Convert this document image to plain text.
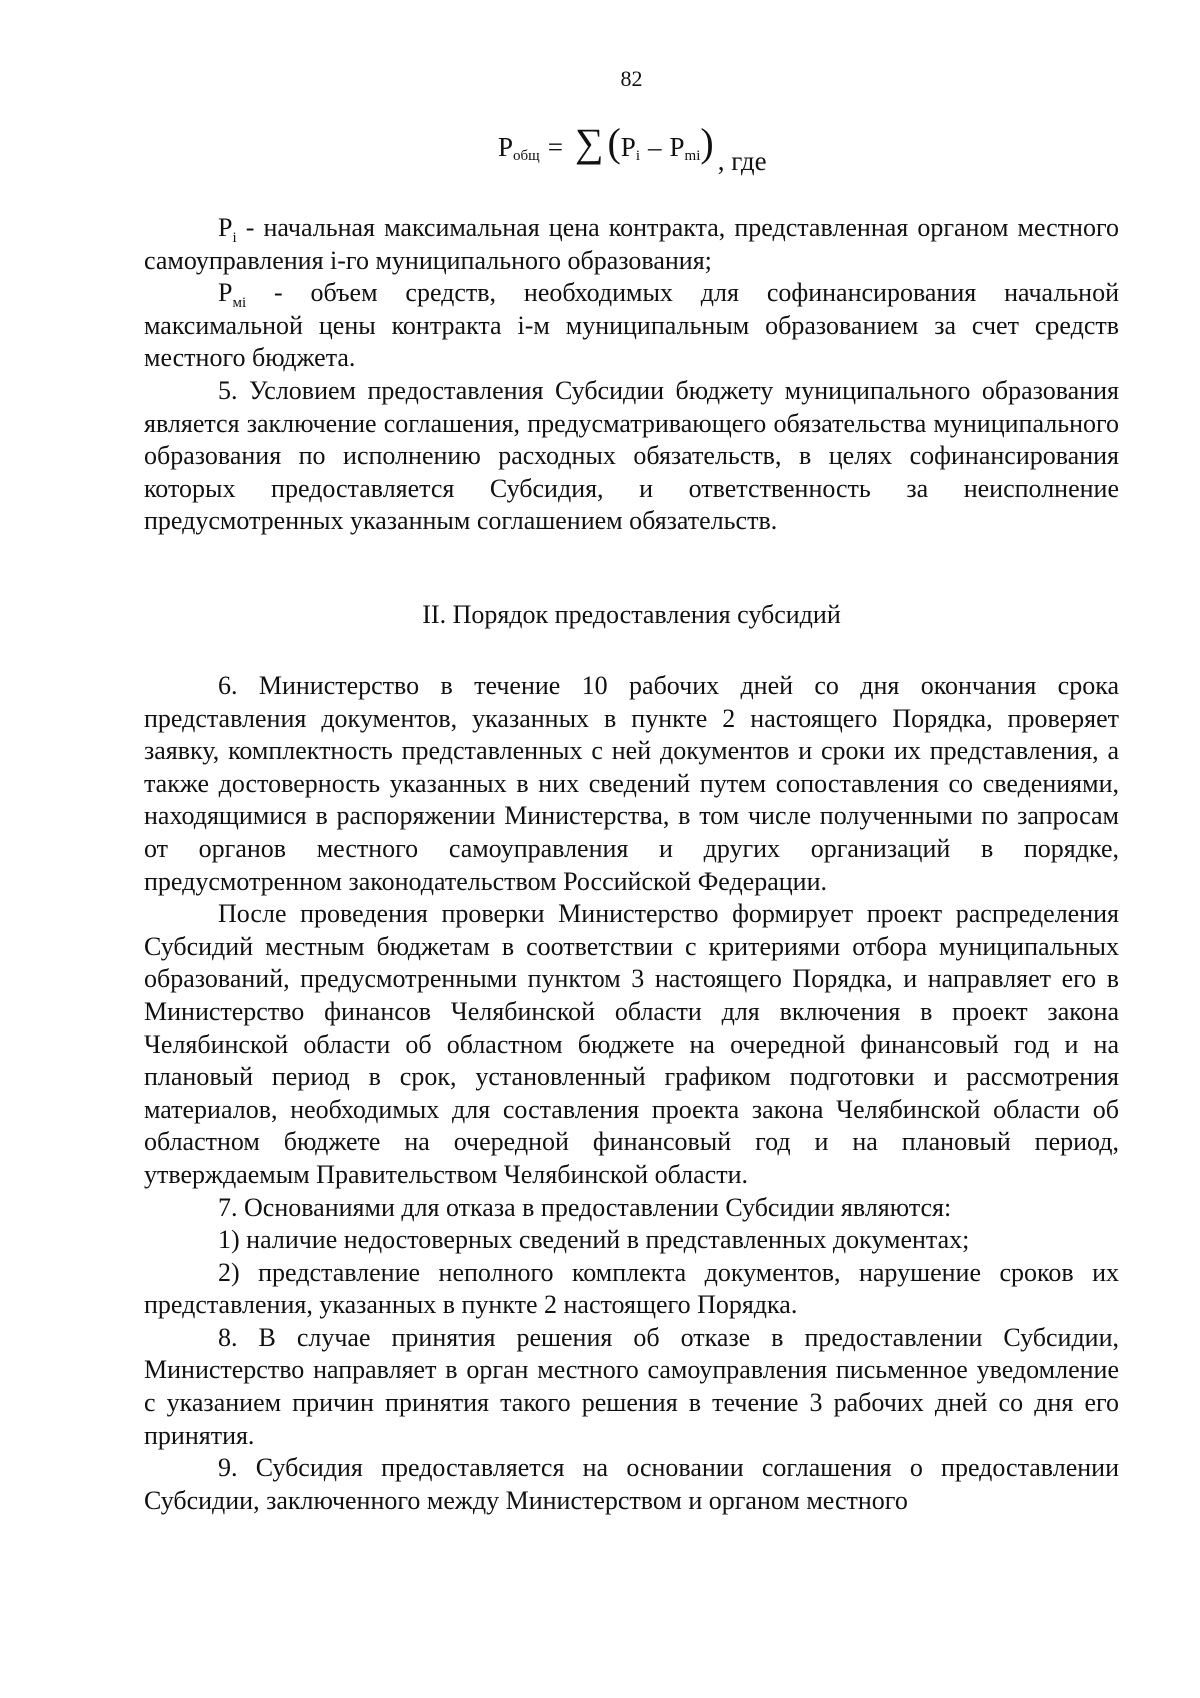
82
$P_{общ}$ = ∑ ( $P_i - P_{mi}$ ) , где

$P_i$ - начальная максимальная цена контракта, представленная органом местного самоуправления i-го муниципального образования;

$P_{мi}$ - объем средств, необходимых для софинансирования начальной максимальной цены контракта i-м муниципальным образованием за счет средств местного бюджета.

5. Условием предоставления Субсидии бюджету муниципального образования является заключение соглашения, предусматривающего обязательства муниципального образования по исполнению расходных обязательств, в целях софинансирования которых предоставляется Субсидия, и ответственность за неисполнение предусмотренных указанным соглашением обязательств.

II. Порядок предоставления субсидий

6. Министерство в течение 10 рабочих дней со дня окончания срока представления документов, указанных в пункте 2 настоящего Порядка, проверяет заявку, комплектность представленных с ней документов и сроки их представления, а также достоверность указанных в них сведений путем сопоставления со сведениями, находящимися в распоряжении Министерства, в том числе полученными по запросам от органов местного самоуправления и других организаций в порядке, предусмотренном законодательством Российской Федерации.

После проведения проверки Министерство формирует проект распределения Субсидий местным бюджетам в соответствии с критериями отбора муниципальных образований, предусмотренными пунктом 3 настоящего Порядка, и направляет его в Министерство финансов Челябинской области для включения в проект закона Челябинской области об областном бюджете на очередной финансовый год и на плановый период в срок, установленный графиком подготовки и рассмотрения материалов, необходимых для составления проекта закона Челябинской области об областном бюджете на очередной финансовый год и на плановый период, утверждаемым Правительством Челябинской области.

7. Основаниями для отказа в предоставлении Субсидии являются:

1) наличие недостоверных сведений в представленных документах;

2) представление неполного комплекта документов, нарушение сроков их представления, указанных в пункте 2 настоящего Порядка.

8. В случае принятия решения об отказе в предоставлении Субсидии, Министерство направляет в орган местного самоуправления письменное уведомление с указанием причин принятия такого решения в течение 3 рабочих дней со дня его принятия.

9. Субсидия предоставляется на основании соглашения о предоставлении Субсидии, заключенного между Министерством и органом местного
